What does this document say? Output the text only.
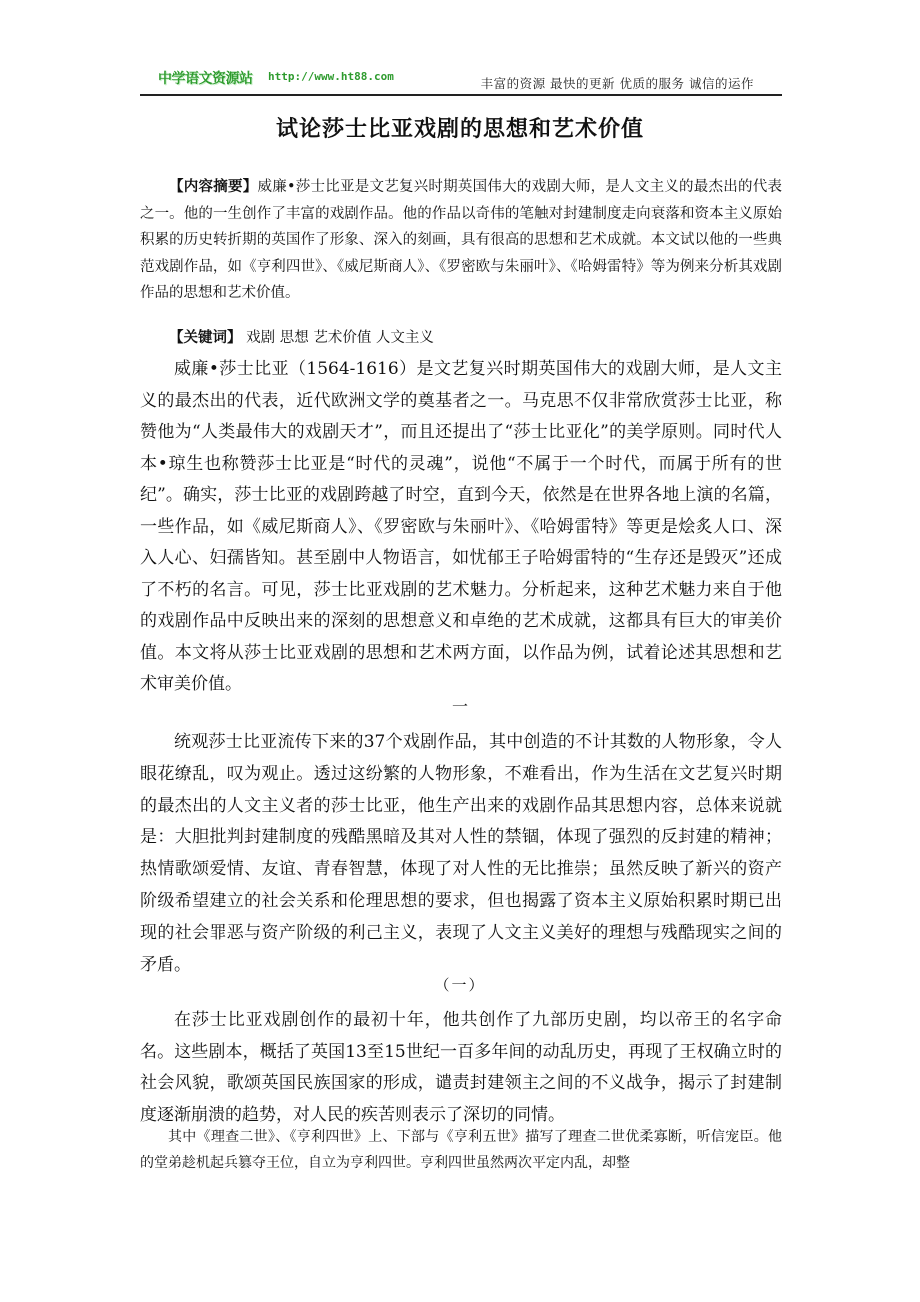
中学语文资源站 http://www.ht88.com	丰富的资源 最快的更新 优质的服务 诚信的运作
试论莎士比亚戏剧的思想和艺术价值

【内容摘要】威廉•莎士比亚是文艺复兴时期英国伟大的戏剧大师，是人文主义的最杰出的代表之一。他的一生创作了丰富的戏剧作品。他的作品以奇伟的笔触对封建制度走向衰落和资本主义原始积累的历史转折期的英国作了形象、深入的刻画，具有很高的思想和艺术成就。本文试以他的一些典范戏剧作品，如《亨利四世》、《威尼斯商人》、《罗密欧与朱丽叶》、《哈姆雷特》等为例来分析其戏剧作品的思想和艺术价值。

【关键词】 戏剧 思想 艺术价值 人文主义

威廉•莎士比亚（1564-1616）是文艺复兴时期英国伟大的戏剧大师，是人文主义的最杰出的代表，近代欧洲文学的奠基者之一。马克思不仅非常欣赏莎士比亚，称赞他为“人类最伟大的戏剧天才”，而且还提出了“莎士比亚化”的美学原则。同时代人本•琼生也称赞莎士比亚是“时代的灵魂”，说他“不属于一个时代，而属于所有的世纪”。确实，莎士比亚的戏剧跨越了时空，直到今天，依然是在世界各地上演的名篇，一些作品，如《威尼斯商人》、《罗密欧与朱丽叶》、《哈姆雷特》等更是烩炙人口、深入人心、妇孺皆知。甚至剧中人物语言，如忧郁王子哈姆雷特的“生存还是毁灭”还成了不朽的名言。可见，莎士比亚戏剧的艺术魅力。分析起来，这种艺术魅力来自于他的戏剧作品中反映出来的深刻的思想意义和卓绝的艺术成就，这都具有巨大的审美价值。本文将从莎士比亚戏剧的思想和艺术两方面，以作品为例，试着论述其思想和艺术审美价值。

一

统观莎士比亚流传下来的37个戏剧作品，其中创造的不计其数的人物形象，令人眼花缭乱，叹为观止。透过这纷繁的人物形象，不难看出，作为生活在文艺复兴时期的最杰出的人文主义者的莎士比亚，他生产出来的戏剧作品其思想内容，总体来说就是：大胆批判封建制度的残酷黑暗及其对人性的禁锢，体现了强烈的反封建的精神；热情歌颂爱情、友谊、青春智慧，体现了对人性的无比推崇；虽然反映了新兴的资产阶级希望建立的社会关系和伦理思想的要求，但也揭露了资本主义原始积累时期已出现的社会罪恶与资产阶级的利己主义，表现了人文主义美好的理想与残酷现实之间的矛盾。

（一）

在莎士比亚戏剧创作的最初十年，他共创作了九部历史剧，均以帝王的名字命名。这些剧本，概括了英国13至15世纪一百多年间的动乱历史，再现了王权确立时的社会风貌，歌颂英国民族国家的形成，谴责封建领主之间的不义战争，揭示了封建制度逐渐崩溃的趋势，对人民的疾苦则表示了深切的同情。

其中《理查二世》、《亨利四世》上、下部与《亨利五世》描写了理查二世优柔寡断，听信宠臣。他的堂弟趁机起兵篡夺王位，自立为亨利四世。亨利四世虽然两次平定内乱，却整
